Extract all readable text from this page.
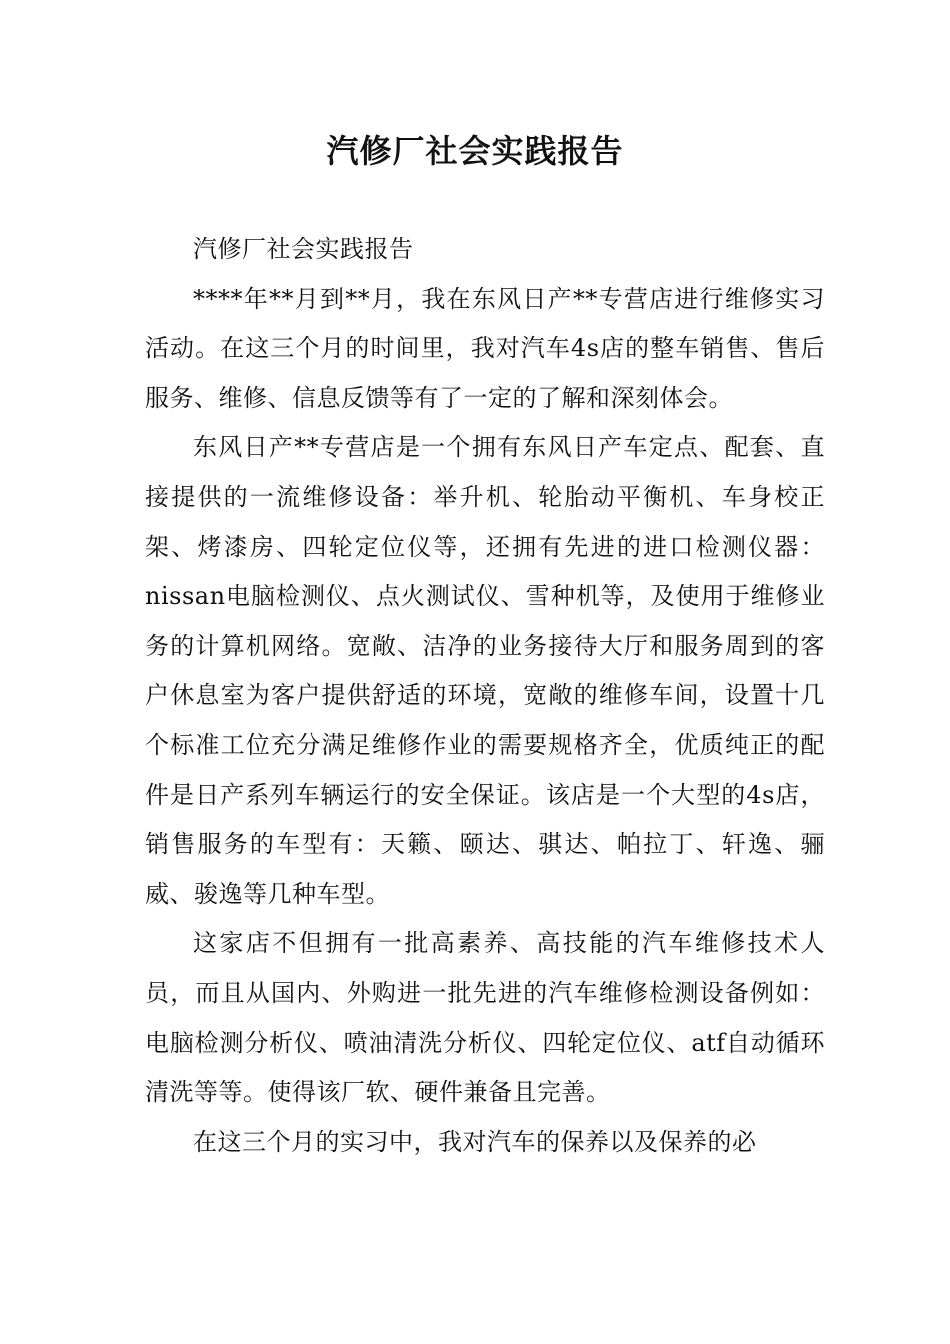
汽修厂社会实践报告

汽修厂社会实践报告

****年**月到**月，我在东风日产**专营店进行维修实习活动。在这三个月的时间里，我对汽车4s店的整车销售、售后服务、维修、信息反馈等有了一定的了解和深刻体会。

东风日产**专营店是一个拥有东风日产车定点、配套、直接提供的一流维修设备：举升机、轮胎动平衡机、车身校正架、烤漆房、四轮定位仪等，还拥有先进的进口检测仪器：nissan电脑检测仪、点火测试仪、雪种机等，及使用于维修业务的计算机网络。宽敞、洁净的业务接待大厅和服务周到的客户休息室为客户提供舒适的环境，宽敞的维修车间，设置十几个标准工位充分满足维修作业的需要规格齐全，优质纯正的配件是日产系列车辆运行的安全保证。该店是一个大型的4s店，销售服务的车型有：天籁、颐达、骐达、帕拉丁、轩逸、骊威、骏逸等几种车型。

这家店不但拥有一批高素养、高技能的汽车维修技术人员，而且从国内、外购进一批先进的汽车维修检测设备例如：电脑检测分析仪、喷油清洗分析仪、四轮定位仪、atf自动循环清洗等等。使得该厂软、硬件兼备且完善。

在这三个月的实习中，我对汽车的保养以及保养的必
